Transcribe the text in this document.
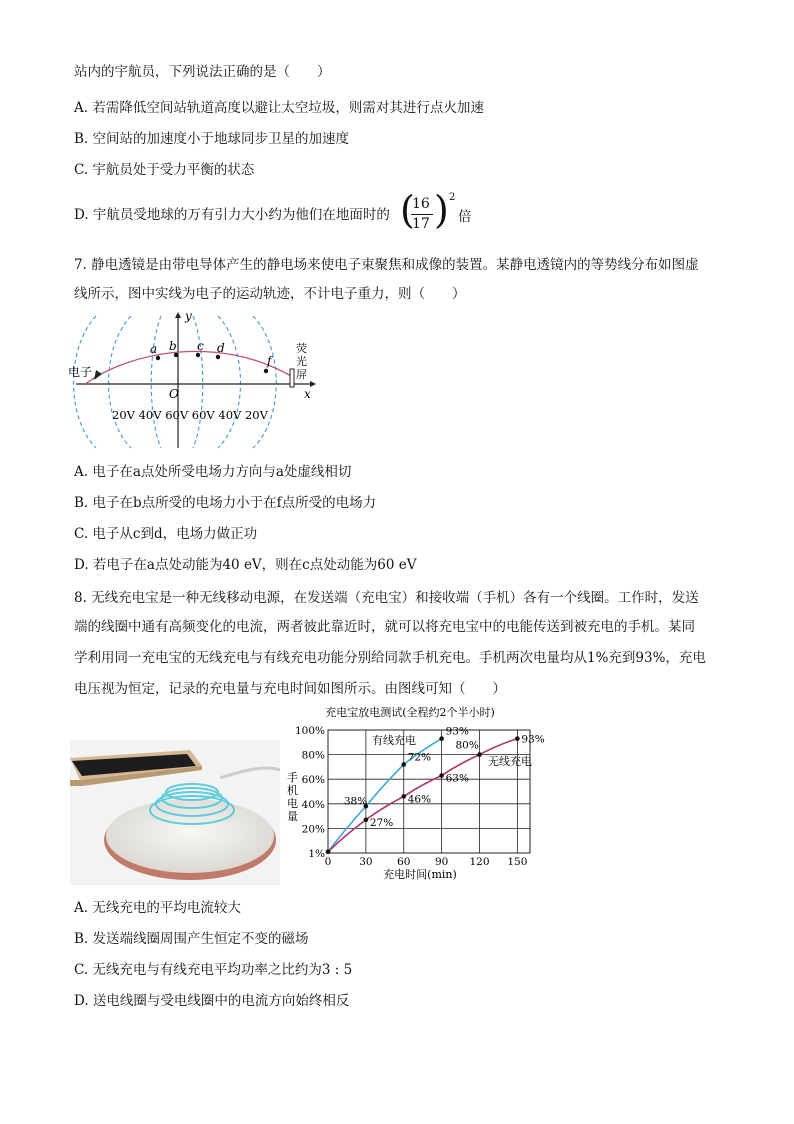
站内的宇航员，下列说法正确的是（　　）
A. 若需降低空间站轨道高度以避让太空垃圾，则需对其进行点火加速
B. 空间站的加速度小于地球同步卫星的加速度
C. 宇航员处于受力平衡的状态
D. 宇航员受地球的万有引力大小约为他们在地面时的 (
16
17 ) 2
倍
7. 静电透镜是由带电导体产生的静电场来使电子束聚焦和成像的装置。某静电透镜内的等势线分布如图虚
线所示，图中实线为电子的运动轨迹，不计电子重力，则（　　）
y
x
O
a b c d
f
电子
荧
光
屏
20V 40V 60V 60V 40V 20V
A. 电子在a点处所受电场力方向与a处虚线相切
B. 电子在b点所受的电场力小于在f点所受的电场力
C. 电子从c到d，电场力做正功
D. 若电子在a点处动能为40 eV，则在c点处动能为60 eV
8. 无线充电宝是一种无线移动电源，在发送端（充电宝）和接收端（手机）各有一个线圈。工作时，发送
端的线圈中通有高频变化的电流，两者彼此靠近时，就可以将充电宝中的电能传送到被充电的手机。某同
学利用同一充电宝的无线充电与有线充电功能分别给同款手机充电。手机两次电量均从1%充到93%，充电
电压视为恒定，记录的充电量与充电时间如图所示。由图线可知（　　）
充电宝放电测试(全程约2个半小时)
充电时间(min)
手机电量
0	30 60 90 120 150
1%
20%
40%
60%
80%
100%
38%
72%
93%
27%
46%
63%
80%	93%
有线充电
无线充电
A. 无线充电的平均电流较大
B. 发送端线圈周围产生恒定不变的磁场
C. 无线充电与有线充电平均功率之比约为3 : 5
D. 送电线圈与受电线圈中的电流方向始终相反
